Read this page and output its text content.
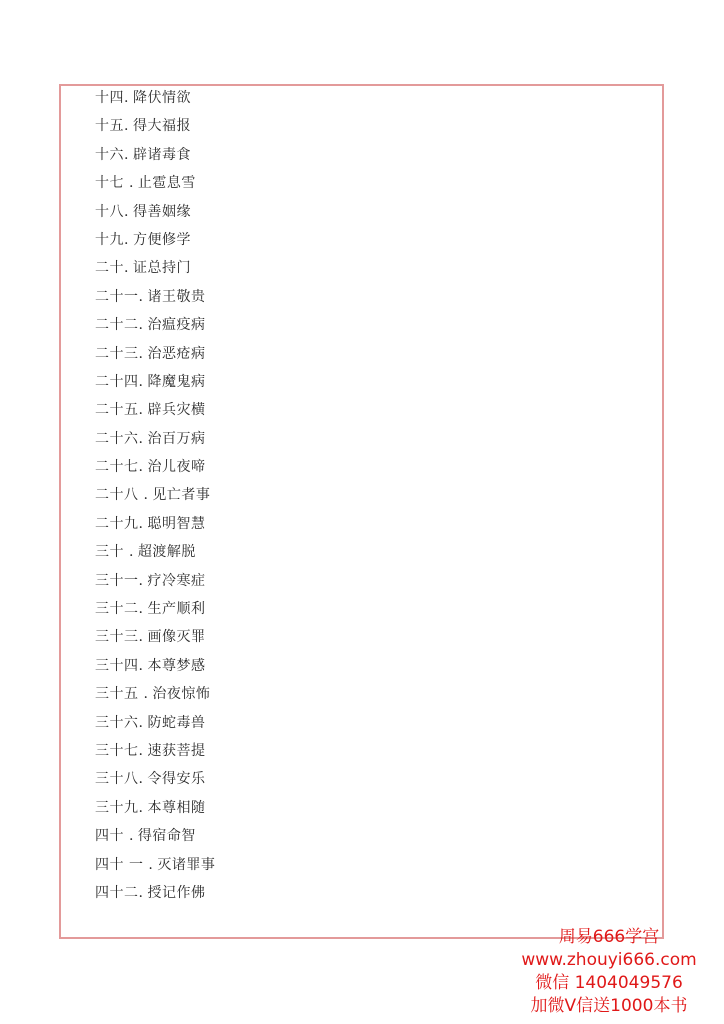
十四. 降伏情欲
十五. 得大福报
十六. 辟诸毒食
十七 . 止雹息雪
十八. 得善姻缘
十九. 方便修学
二十. 证总持门
二十一. 诸王敬贵
二十二. 治瘟疫病
二十三. 治恶疮病
二十四. 降魔鬼病
二十五. 辟兵灾横
二十六. 治百万病
二十七. 治儿夜啼
二十八 . 见亡者事
二十九. 聪明智慧
三十 . 超渡解脱
三十一. 疗冷寒症
三十二. 生产顺利
三十三. 画像灭罪
三十四. 本尊梦感
三十五 . 治夜惊怖
三十六. 防蛇毒兽
三十七. 速获菩提
三十八. 令得安乐
三十九. 本尊相随
四十 . 得宿命智
四十 一 . 灭诸罪事
四十二. 授记作佛
周易666学宫
www.zhouyi666.com
微信 1404049576
加微V信送1000本书
